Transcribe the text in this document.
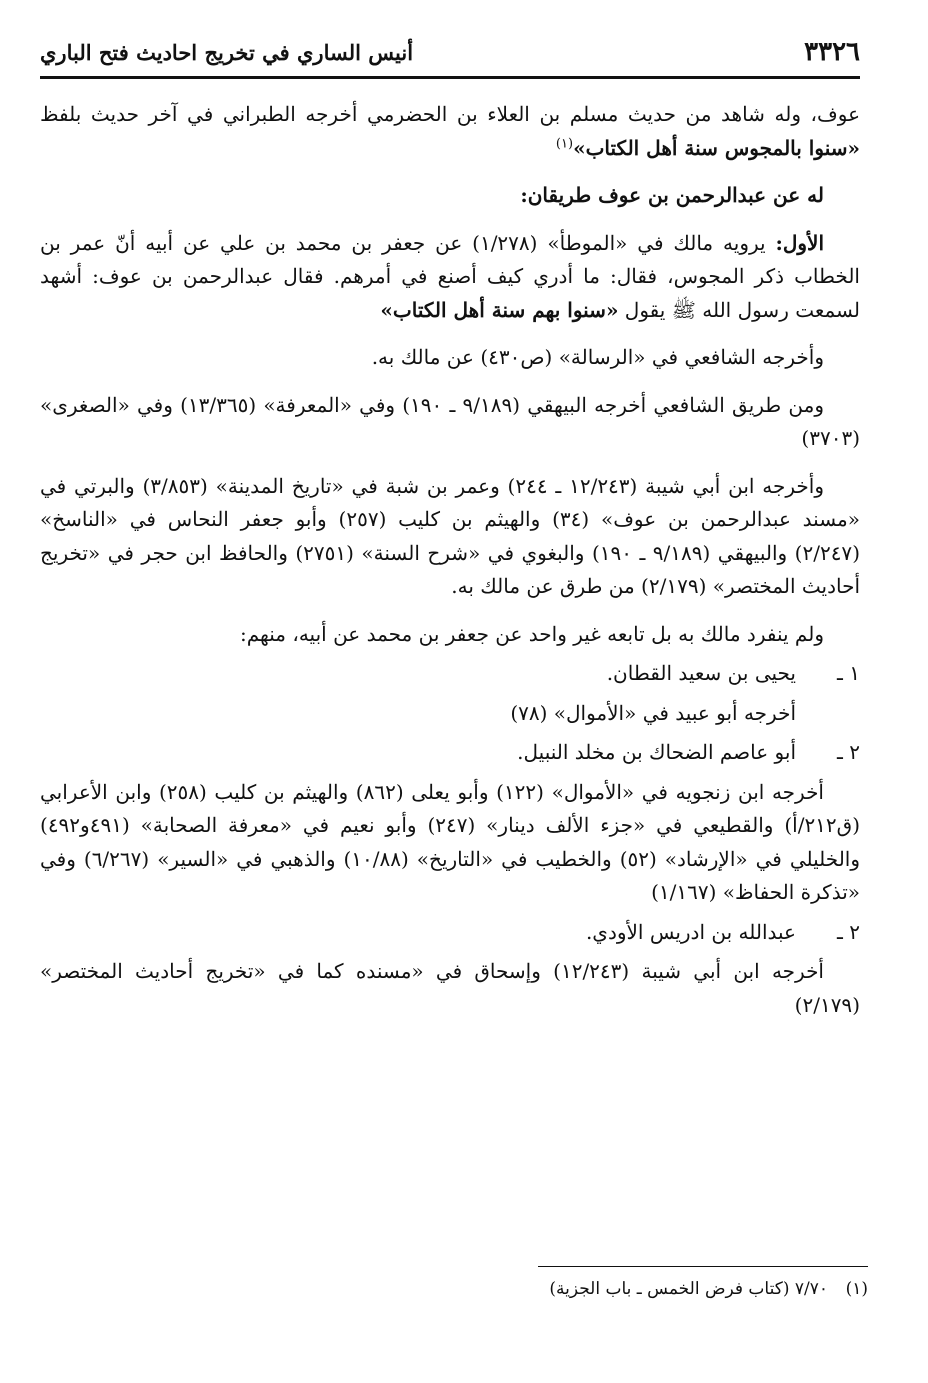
٣٣٢٦
أنيس الساري في تخريج احاديث فتح الباري

عوف، وله شاهد من حديث مسلم بن العلاء بن الحضرمي أخرجه الطبراني في آخر حديث بلفظ «سنوا بالمجوس سنة أهل الكتاب»$^{(١)}$

له عن عبدالرحمن بن عوف طريقان:

الأول: يرويه مالك في «الموطأ» (١/٢٧٨) عن جعفر بن محمد بن علي عن أبيه أنّ عمر بن الخطاب ذكر المجوس، فقال: ما أدري كيف أصنع في أمرهم. فقال عبدالرحمن بن عوف: أشهد لسمعت رسول الله ﷺ يقول «سنوا بهم سنة أهل الكتاب»

وأخرجه الشافعي في «الرسالة» (ص٤٣٠) عن مالك به.

ومن طريق الشافعي أخرجه البيهقي (٩/١٨٩ ـ ١٩٠) وفي «المعرفة» (١٣/٣٦٥) وفي «الصغرى» (٣٧٠٣)

وأخرجه ابن أبي شيبة (١٢/٢٤٣ ـ ٢٤٤) وعمر بن شبة في «تاريخ المدينة» (٣/٨٥٣) والبرتي في «مسند عبدالرحمن بن عوف» (٣٤) والهيثم بن كليب (٢٥٧) وأبو جعفر النحاس في «الناسخ» (٢/٢٤٧) والبيهقي (٩/١٨٩ ـ ١٩٠) والبغوي في «شرح السنة» (٢٧٥١) والحافظ ابن حجر في «تخريج أحاديث المختصر» (٢/١٧٩) من طرق عن مالك به.

ولم ينفرد مالك به بل تابعه غير واحد عن جعفر بن محمد عن أبيه، منهم:

١ ـ
يحيى بن سعيد القطان.

أخرجه أبو عبيد في «الأموال» (٧٨)

٢ ـ
أبو عاصم الضحاك بن مخلد النبيل.

أخرجه ابن زنجويه في «الأموال» (١٢٢) وأبو يعلى (٨٦٢) والهيثم بن كليب (٢٥٨) وابن الأعرابي (ق٢١٢/أ) والقطيعي في «جزء الألف دينار» (٢٤٧) وأبو نعيم في «معرفة الصحابة» (٤٩١و٤٩٢) والخليلي في «الإرشاد» (٥٢) والخطيب في «التاريخ» (١٠/٨٨) والذهبي في «السير» (٦/٢٦٧) وفي «تذكرة الحفاظ» (١/١٦٧)

٢ ـ
عبدالله بن ادريس الأودي.

أخرجه ابن أبي شيبة (١٢/٢٤٣) وإسحاق في «مسنده كما في «تخريج أحاديث المختصر» (٢/١٧٩)

(١)
٧/٧٠ (كتاب فرض الخمس ـ باب الجزية)
